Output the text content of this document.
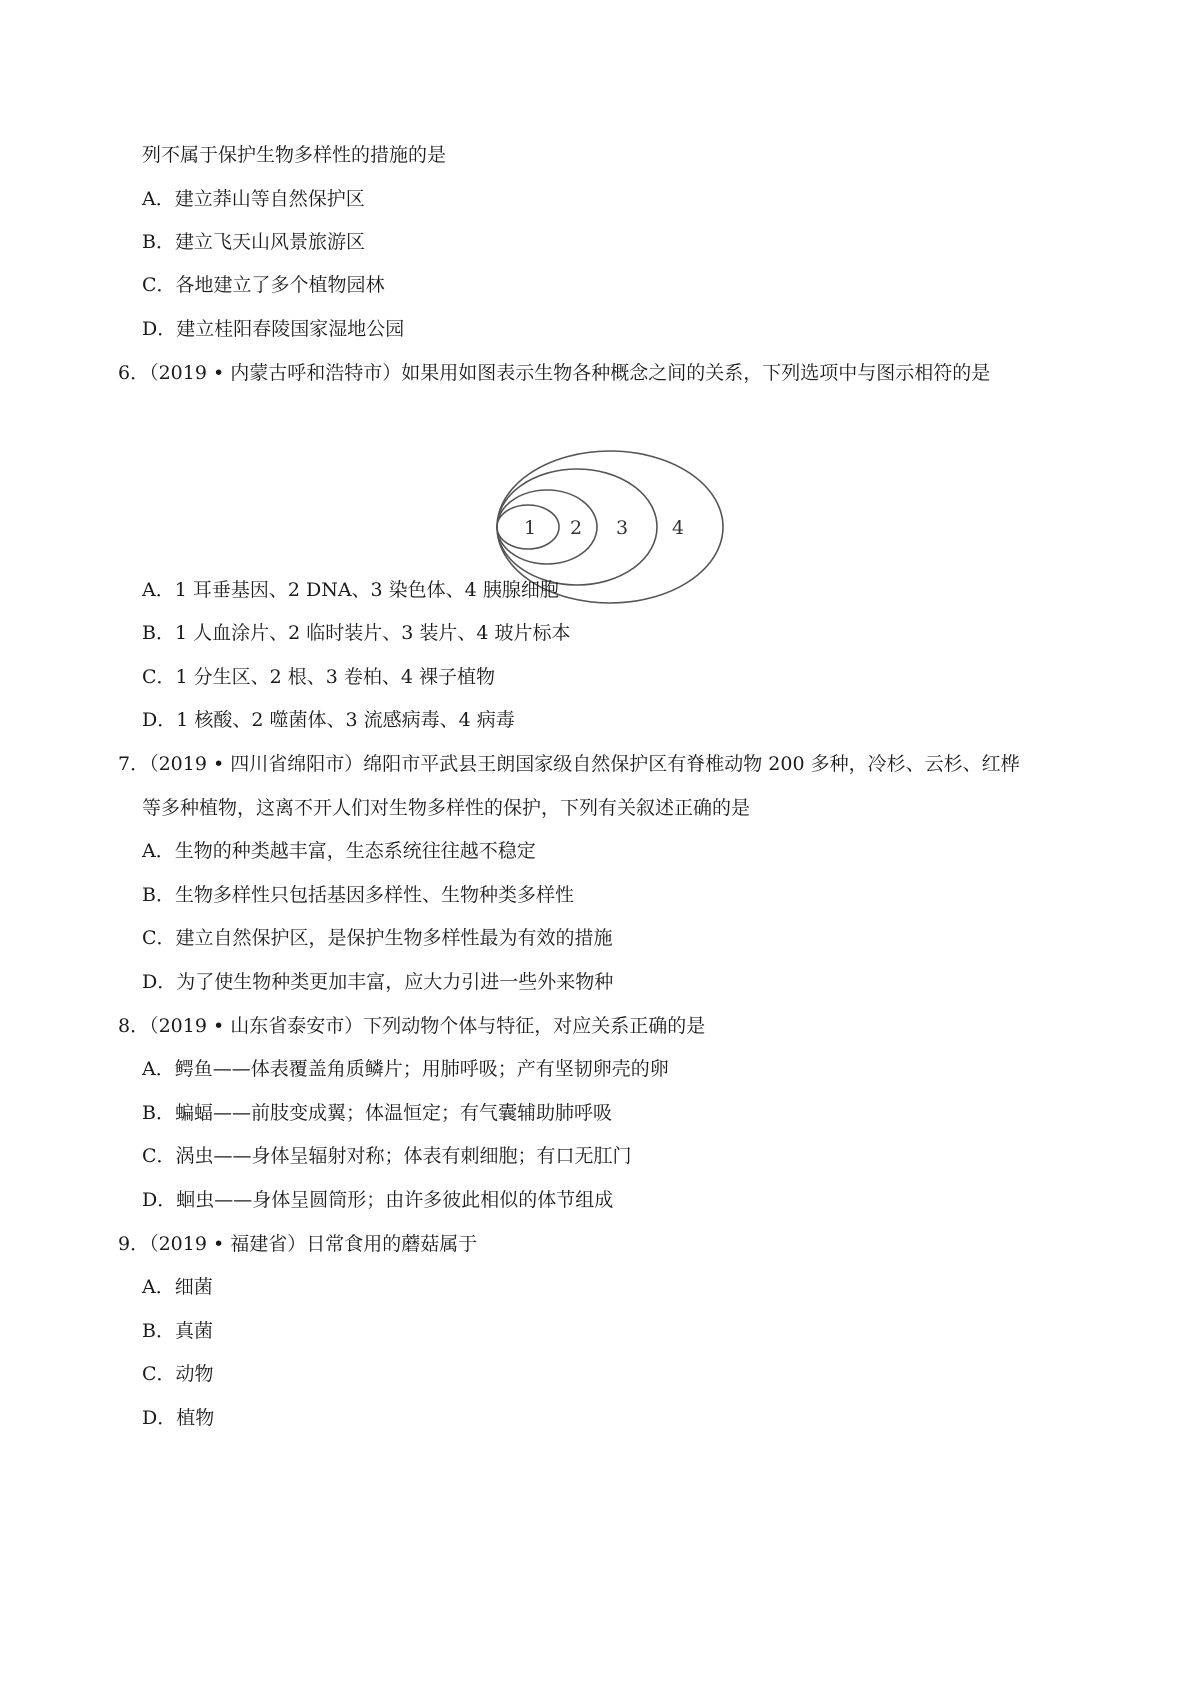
列不属于保护生物多样性的措施的是
A．建立莽山等自然保护区
B．建立飞天山风景旅游区
C．各地建立了多个植物园林
D．建立桂阳春陵国家湿地公园
6．（2019 • 内蒙古呼和浩特市）如果用如图表示生物各种概念之间的关系，下列选项中与图示相符的是
1 2 3 4
A．1 耳垂基因、2 DNA、3 染色体、4 胰腺细胞
B．1 人血涂片、2 临时装片、3 装片、4 玻片标本
C．1 分生区、2 根、3 卷柏、4 裸子植物
D．1 核酸、2 噬菌体、3 流感病毒、4 病毒
7．（2019 • 四川省绵阳市）绵阳市平武县王朗国家级自然保护区有脊椎动物 200 多种，冷杉、云杉、红桦
等多种植物，这离不开人们对生物多样性的保护，下列有关叙述正确的是
A．生物的种类越丰富，生态系统往往越不稳定
B．生物多样性只包括基因多样性、生物种类多样性
C．建立自然保护区，是保护生物多样性最为有效的措施
D．为了使生物种类更加丰富，应大力引进一些外来物种
8．（2019 • 山东省泰安市）下列动物个体与特征，对应关系正确的是
A．鳄鱼——体表覆盖角质鳞片；用肺呼吸；产有坚韧卵壳的卵
B．蝙蝠——前肢变成翼；体温恒定；有气囊辅助肺呼吸
C．涡虫——身体呈辐射对称；体表有刺细胞；有口无肛门
D．蛔虫——身体呈圆筒形；由许多彼此相似的体节组成
9．（2019 • 福建省）日常食用的蘑菇属于
A．细菌
B．真菌
C．动物
D．植物
